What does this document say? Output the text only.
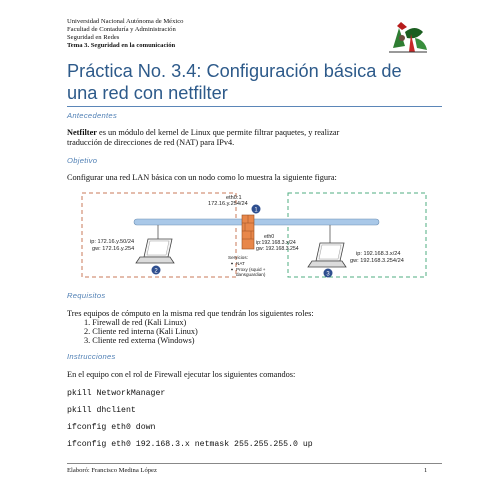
Universidad Nacional Autónoma de México
Facultad de Contaduría y Administración
Seguridad en Redes
Tema 3. Seguridad en la comunicación
Práctica No. 3.4: Configuración básica de
una red con netfilter
Antecedentes
Netfilter es un módulo del kernel de Linux que permite filtrar paquetes, y realizar
traducción de direcciones de red (NAT) para IPv4.
Objetivo
Configurar una red LAN básica con un nodo como lo muestra la siguiente figura:
1
eth0:1
172.16.y.254/24
eth0
ip:192.168.3.x/24
gw: 192.168.3.254
Servicios:
NAT
Proxy (squid +
dansguardian)
ip: 172.16.y.50/24
gw: 172.16.y.254
2
ip: 192.168.3.x/24
gw: 192.168.3.254/24
3
Requisitos
Tres equipos de cómputo en la misma red que tendrán los siguientes roles:
1. Firewall de red (Kali Linux)
2. Cliente red interna (Kali Linux)
3. Cliente red externa (Windows)
Instrucciones
En el equipo con el rol de Firewall ejecutar los siguientes comandos:
pkill NetworkManager
pkill dhclient
ifconfig eth0 down
ifconfig eth0 192.168.3.x netmask 255.255.255.0 up
Elaboró: Francisco Medina López	1
